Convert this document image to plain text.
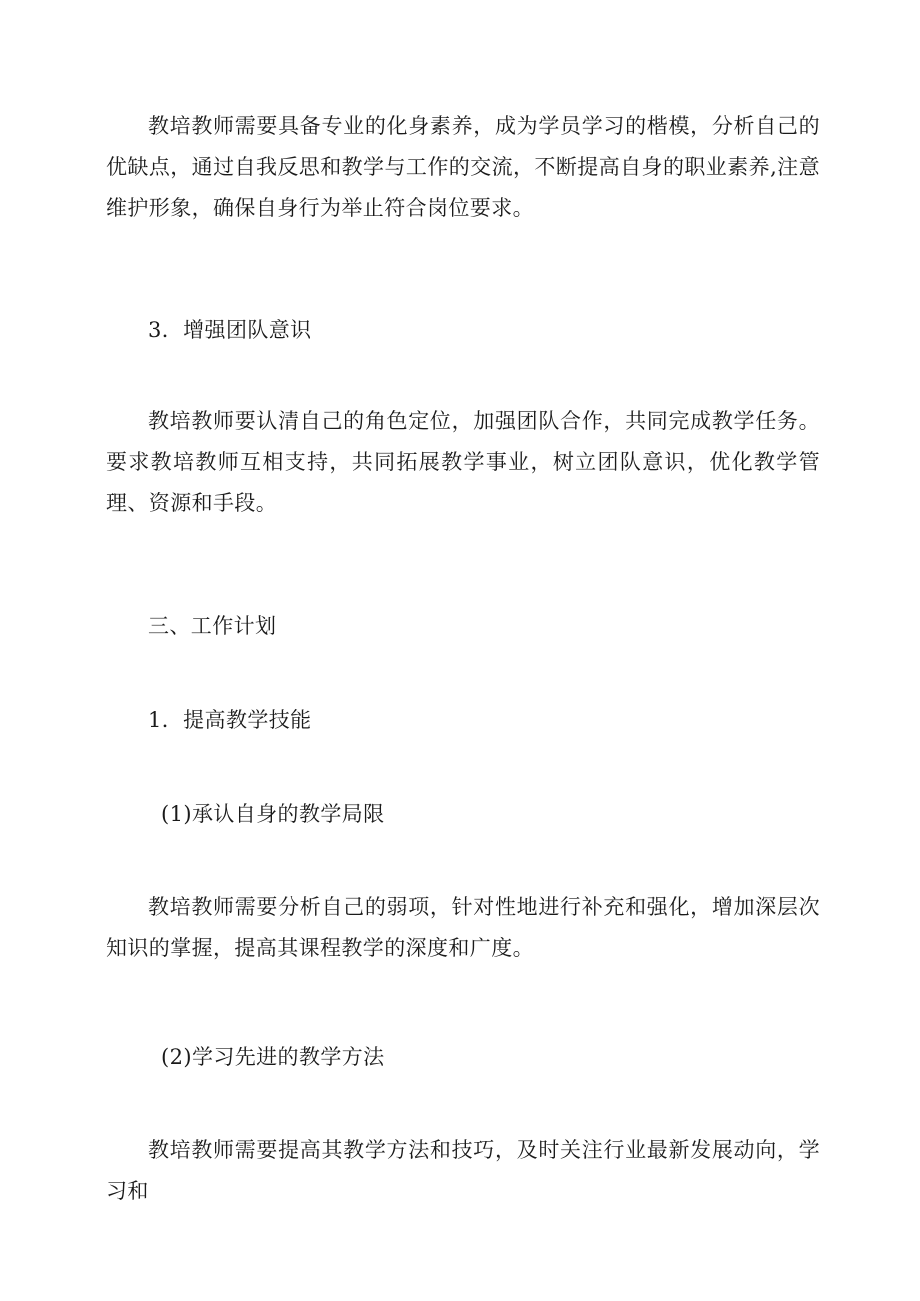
教培教师需要具备专业的化身素养，成为学员学习的楷模，分析自己的优缺点，通过自我反思和教学与工作的交流，不断提高自身的职业素养,注意维护形象，确保自身行为举止符合岗位要求。

3．增强团队意识

教培教师要认清自己的角色定位，加强团队合作，共同完成教学任务。要求教培教师互相支持，共同拓展教学事业，树立团队意识，优化教学管理、资源和手段。

三、工作计划

1．提高教学技能

(1)承认自身的教学局限

教培教师需要分析自己的弱项，针对性地进行补充和强化，增加深层次知识的掌握，提高其课程教学的深度和广度。

(2)学习先进的教学方法

教培教师需要提高其教学方法和技巧，及时关注行业最新发展动向，学习和
